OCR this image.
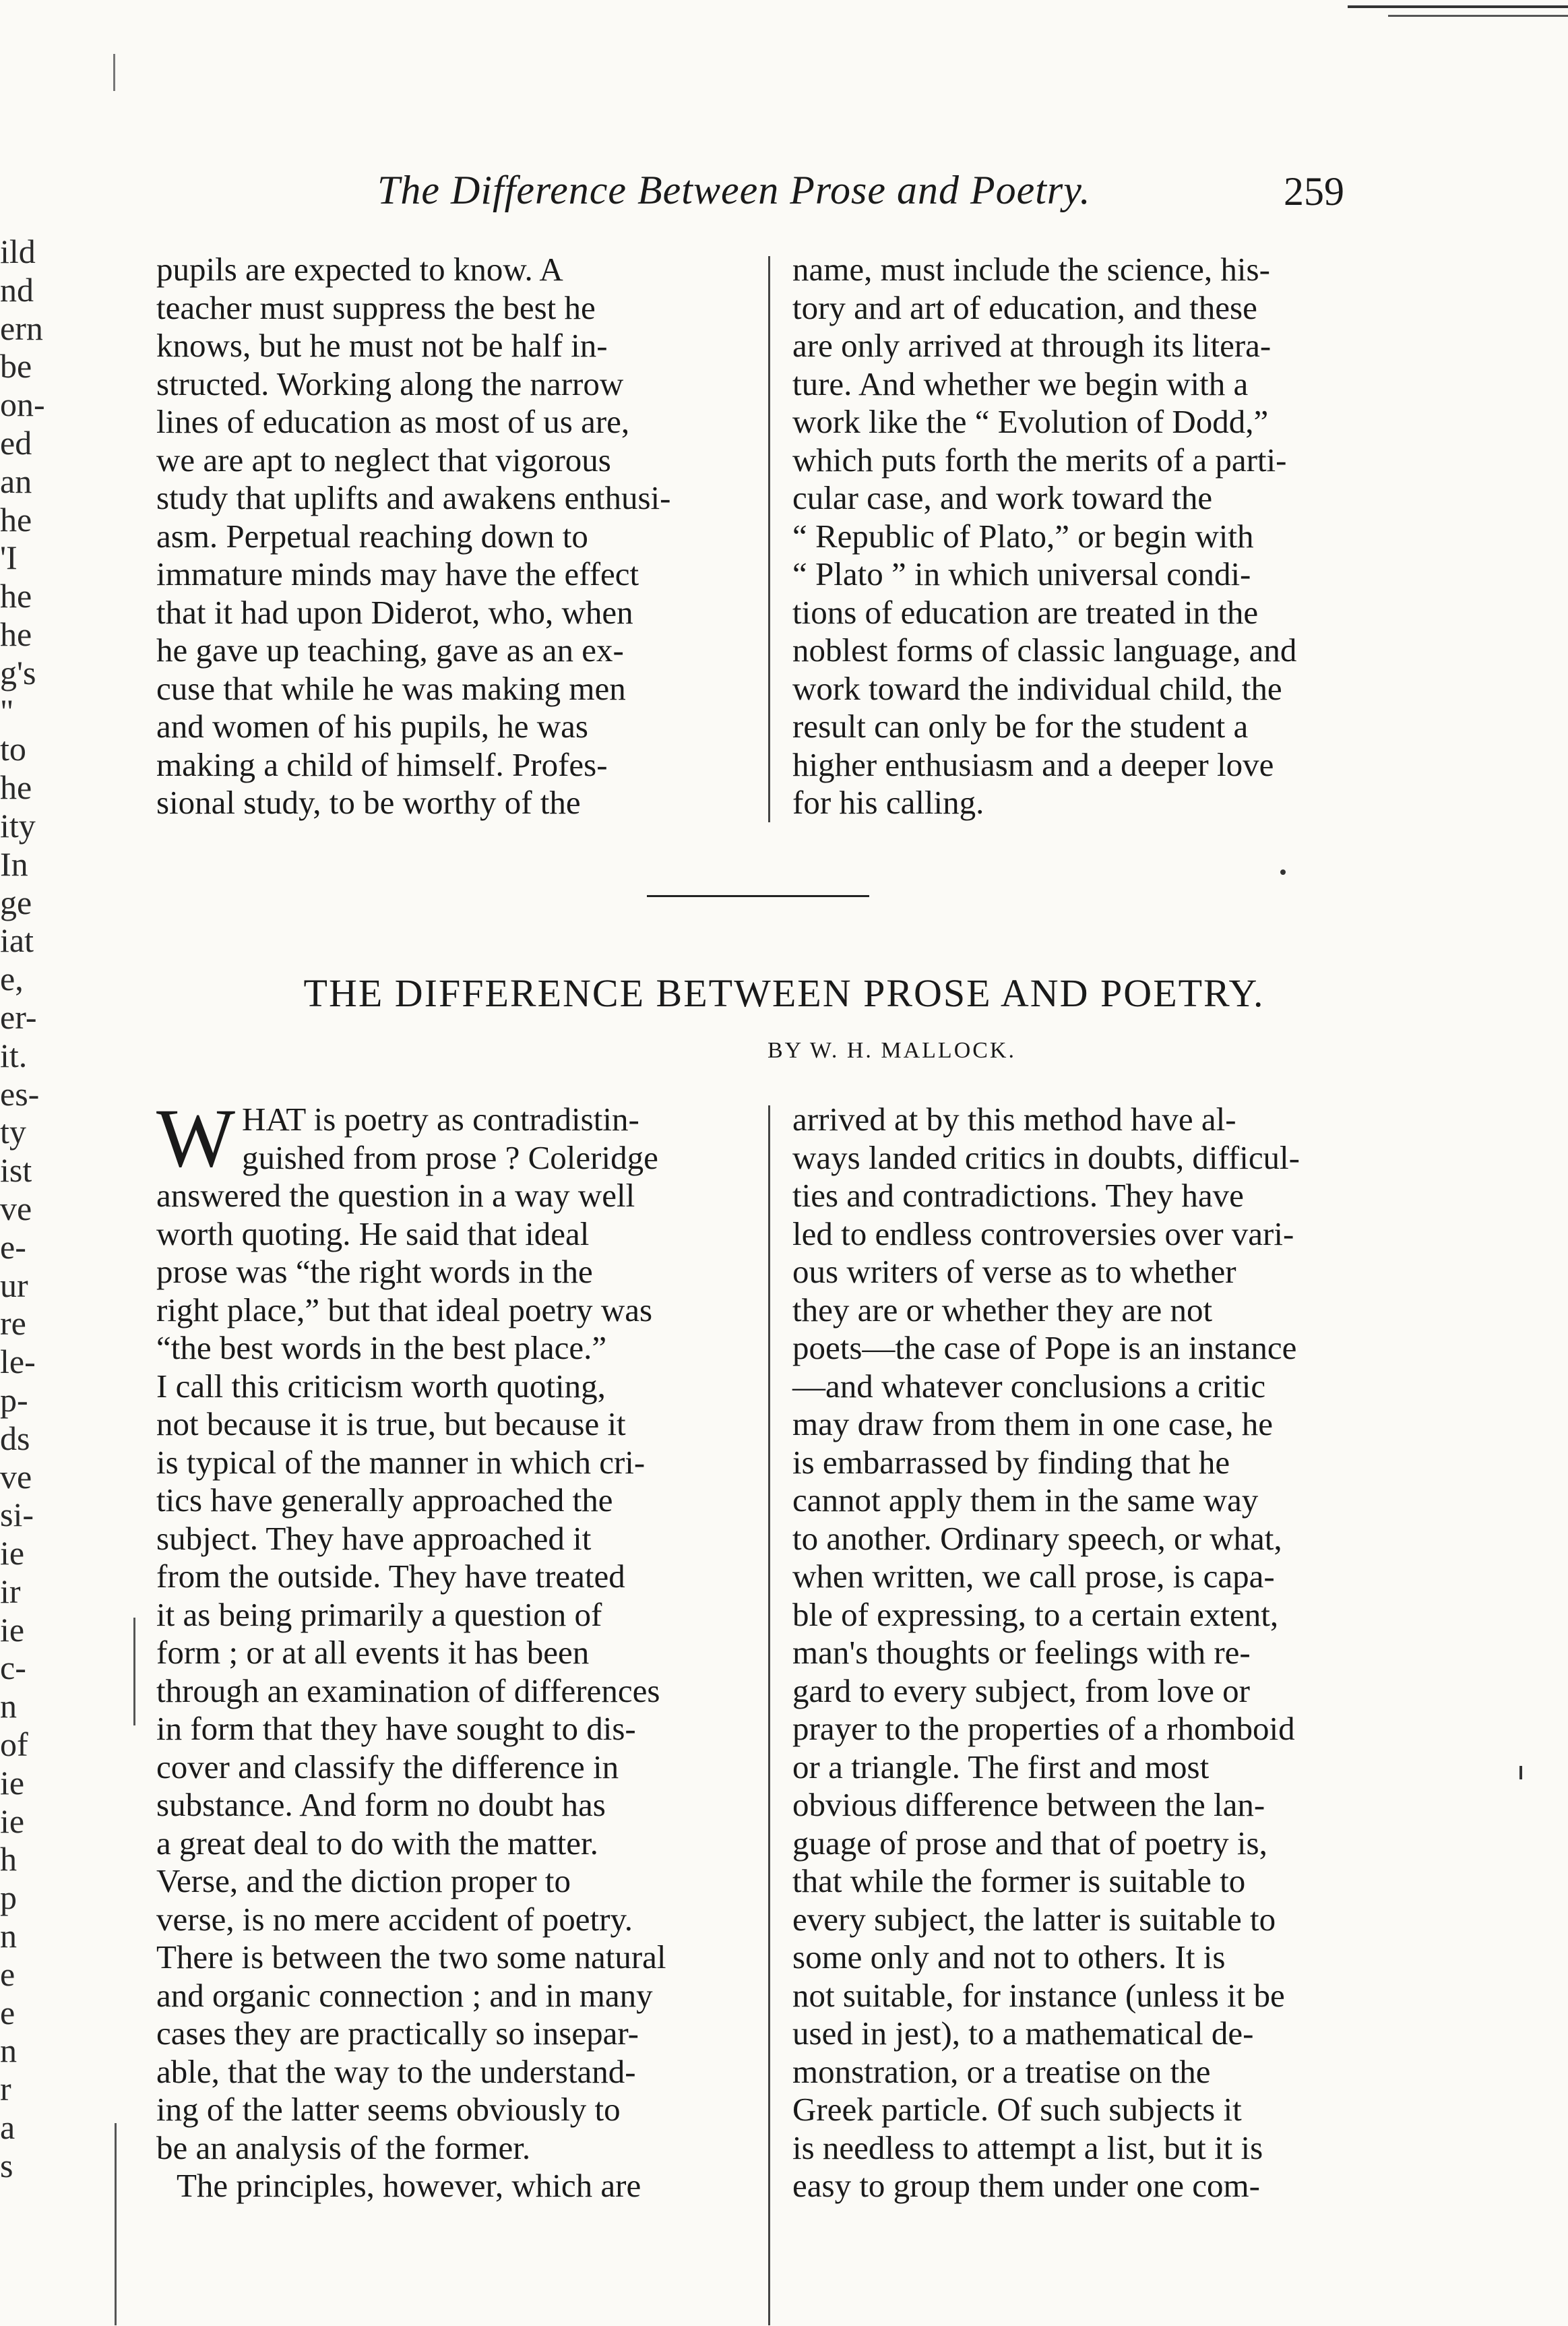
The Difference Between Prose and Poetry.	259
ild
nd
ern
be
on-
ed
an
he
'I
he
he
g's
"
to
he
ity
In
ge
iat
e,
er-
it.
es-
ty
ist
ve
e-
ur
re
le-
p-
ds
ve
si-
ie
ir
ie
c-
n
of
ie
ie
h
p
n
e
e
n
r
a
s
pupils are expected to know. A
teacher must suppress the best he
knows, but he must not be half in-
structed. Working along the narrow
lines of education as most of us are,
we are apt to neglect that vigorous
study that uplifts and awakens enthusi-
asm. Perpetual reaching down to
immature minds may have the effect
that it had upon Diderot, who, when
he gave up teaching, gave as an ex-
cuse that while he was making men
and women of his pupils, he was
making a child of himself. Profes-
sional study, to be worthy of the
name, must include the science, his-
tory and art of education, and these
are only arrived at through its litera-
ture. And whether we begin with a
work like the “ Evolution of Dodd,”
which puts forth the merits of a parti-
cular case, and work toward the
“ Republic of Plato,” or begin with
“ Plato ” in which universal condi-
tions of education are treated in the
noblest forms of classic language, and
work toward the individual child, the
result can only be for the student a
higher enthusiasm and a deeper love
for his calling.
THE DIFFERENCE BETWEEN PROSE AND POETRY.
BY W. H. MALLOCK.
W HAT is poetry as contradistin-
guished from prose ? Coleridge
answered the question in a way well
worth quoting. He said that ideal
prose was “the right words in the
right place,” but that ideal poetry was
“the best words in the best place.”
I call this criticism worth quoting,
not because it is true, but because it
is typical of the manner in which cri-
tics have generally approached the
subject. They have approached it
from the outside. They have treated
it as being primarily a question of
form ; or at all events it has been
through an examination of differences
in form that they have sought to dis-
cover and classify the difference in
substance. And form no doubt has
a great deal to do with the matter.
Verse, and the diction proper to
verse, is no mere accident of poetry.
There is between the two some natural
and organic connection ; and in many
cases they are practically so insepar-
able, that the way to the understand-
ing of the latter seems obviously to
be an analysis of the former.
The principles, however, which are
arrived at by this method have al-
ways landed critics in doubts, difficul-
ties and contradictions. They have
led to endless controversies over vari-
ous writers of verse as to whether
they are or whether they are not
poets—the case of Pope is an instance
—and whatever conclusions a critic
may draw from them in one case, he
is embarrassed by finding that he
cannot apply them in the same way
to another. Ordinary speech, or what,
when written, we call prose, is capa-
ble of expressing, to a certain extent,
man's thoughts or feelings with re-
gard to every subject, from love or
prayer to the properties of a rhomboid
or a triangle. The first and most
obvious difference between the lan-
guage of prose and that of poetry is,
that while the former is suitable to
every subject, the latter is suitable to
some only and not to others. It is
not suitable, for instance (unless it be
used in jest), to a mathematical de-
monstration, or a treatise on the
Greek particle. Of such subjects it
is needless to attempt a list, but it is
easy to group them under one com-
